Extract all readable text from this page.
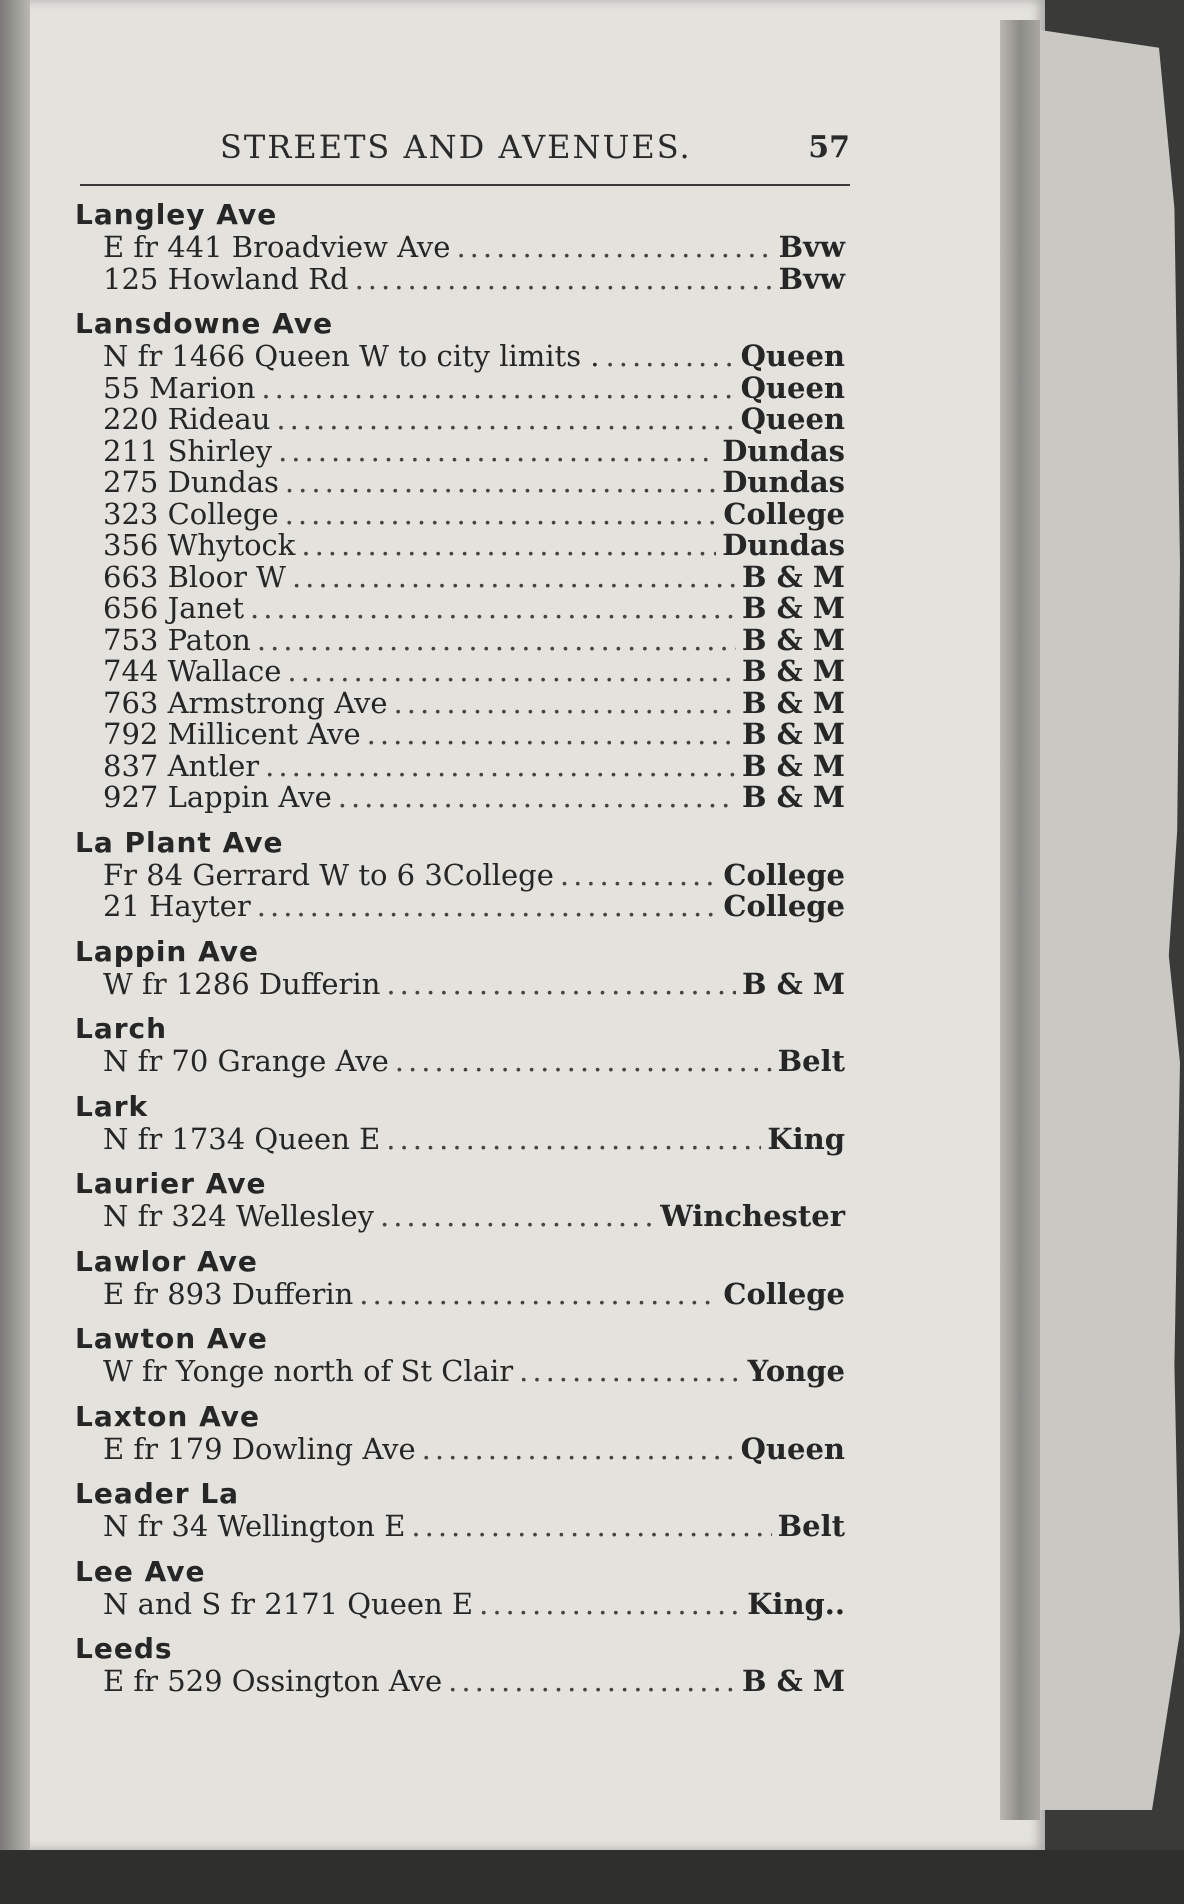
STREETS AND AVENUES.	57
Langley Ave
E fr 441 Broadview Ave .....	Bvw
125 Howland Rd .....	Bvw
Lansdowne Ave
N fr 1466 Queen W to city limits . .....	Queen
55 Marion .....	Queen
220 Rideau .....	Queen
211 Shirley .....	Dundas
275 Dundas .....	Dundas
323 College .....	College
356 Whytock .....	Dundas
663 Bloor W .....	B & M
656 Janet .....	B & M
753 Paton .....	B & M
744 Wallace .....	B & M
763 Armstrong Ave .....	B & M
792 Millicent Ave .....	B & M
837 Antler .....	B & M
927 Lappin Ave .....	B & M
La Plant Ave
Fr 84 Gerrard W to 6 3College .....	College
21 Hayter .....	College
Lappin Ave
W fr 1286 Dufferin .....	B & M
Larch
N fr 70 Grange Ave .....	Belt
Lark
N fr 1734 Queen E .....	King
Laurier Ave
N fr 324 Wellesley .....	Winchester
Lawlor Ave
E fr 893 Dufferin .....	College
Lawton Ave
W fr Yonge north of St Clair .....	Yonge
Laxton Ave
E fr 179 Dowling Ave .....	Queen
Leader La
N fr 34 Wellington E .....	Belt
Lee Ave
N and S fr 2171 Queen E .....	King..
Leeds
E fr 529 Ossington Ave .....	B & M
